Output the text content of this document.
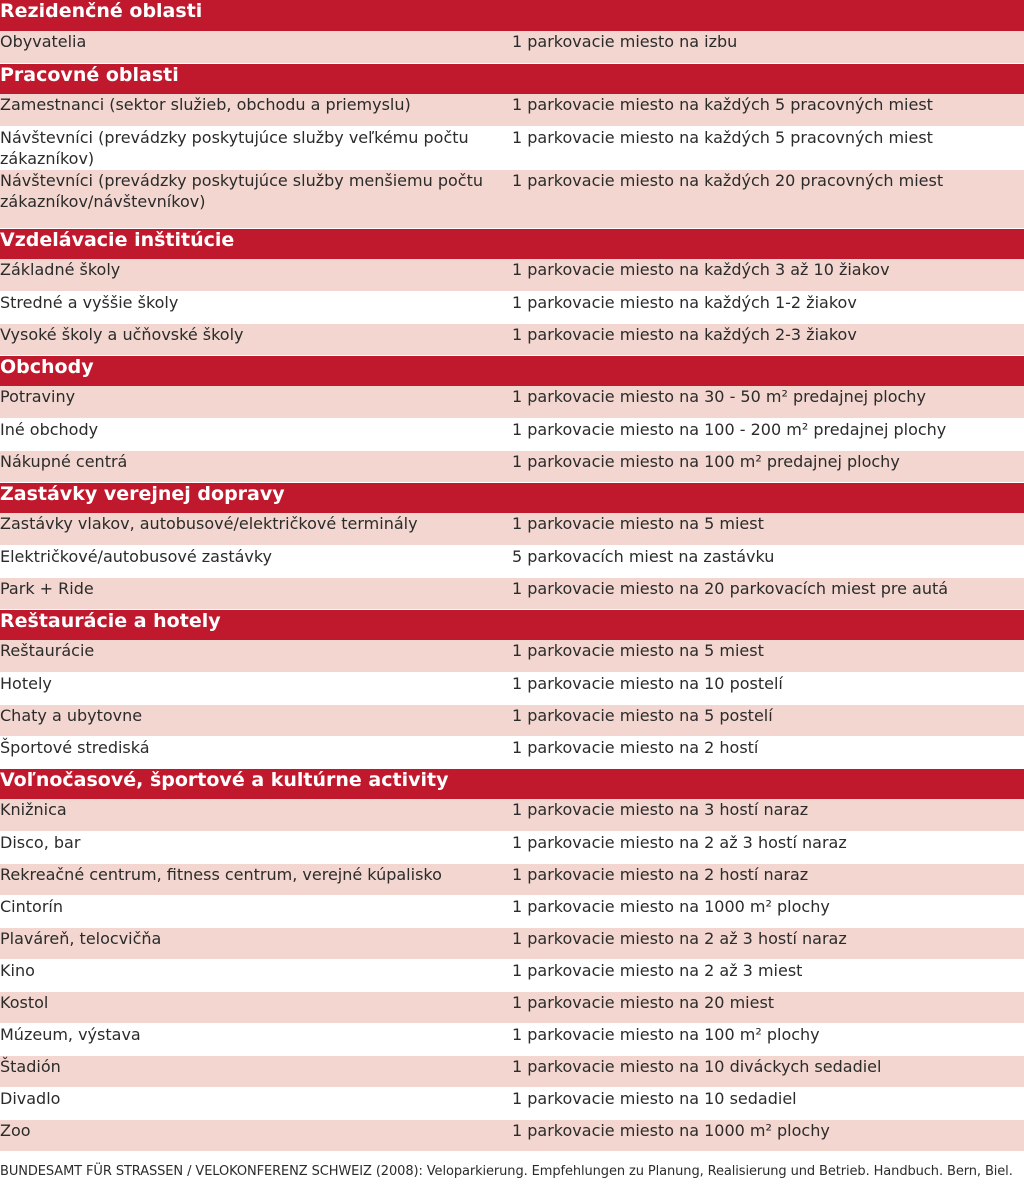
Rezidenčné oblasti	
Obyvatelia	1 parkovacie miesto na izbu
Pracovné oblasti	
Zamestnanci (sektor služieb, obchodu a priemyslu)	1 parkovacie miesto na každých 5 pracovných miest
Návštevníci (prevádzky poskytujúce služby veľkému počtu zákazníkov)	1 parkovacie miesto na každých 5 pracovných miest
Návštevníci (prevádzky poskytujúce služby menšiemu počtu zákazníkov/návštevníkov)	1 parkovacie miesto na každých 20 pracovných miest
Vzdelávacie inštitúcie	
Základné školy	1 parkovacie miesto na každých 3 až 10 žiakov
Stredné a vyššie školy	1 parkovacie miesto na každých 1-2 žiakov
Vysoké školy a učňovské školy	1 parkovacie miesto na každých 2-3 žiakov
Obchody	
Potraviny	1 parkovacie miesto na 30 - 50 m² predajnej plochy
Iné obchody	1 parkovacie miesto na 100 - 200 m² predajnej plochy
Nákupné centrá	1 parkovacie miesto na 100 m² predajnej plochy
Zastávky verejnej dopravy	
Zastávky vlakov, autobusové/električkové terminály	1 parkovacie miesto na 5 miest
Električkové/autobusové zastávky	5 parkovacích miest na zastávku
Park + Ride	1 parkovacie miesto na 20 parkovacích miest pre autá
Reštaurácie a hotely	
Reštaurácie	1 parkovacie miesto na 5 miest
Hotely	1 parkovacie miesto na 10 postelí
Chaty a ubytovne	1 parkovacie miesto na 5 postelí
Športové strediská	1 parkovacie miesto na 2 hostí
Voľnočasové, športové a kultúrne activity	
Knižnica	1 parkovacie miesto na 3 hostí naraz
Disco, bar	1 parkovacie miesto na 2 až 3 hostí naraz
Rekreačné centrum, fitness centrum, verejné kúpalisko	1 parkovacie miesto na 2 hostí naraz
Cintorín	1 parkovacie miesto na 1000 m² plochy
Plaváreň, telocvičňa	1 parkovacie miesto na 2 až 3 hostí naraz
Kino	1 parkovacie miesto na 2 až 3 miest
Kostol	1 parkovacie miesto na 20 miest
Múzeum, výstava	1 parkovacie miesto na 100 m² plochy
Štadión	1 parkovacie miesto na 10 diváckych sedadiel
Divadlo	1 parkovacie miesto na 10 sedadiel
Zoo	1 parkovacie miesto na 1000 m² plochy
BUNDESAMT FÜR STRASSEN / VELOKONFERENZ SCHWEIZ (2008): Veloparkierung. Empfehlungen zu Planung, Realisierung und Betrieb. Handbuch. Bern, Biel.
